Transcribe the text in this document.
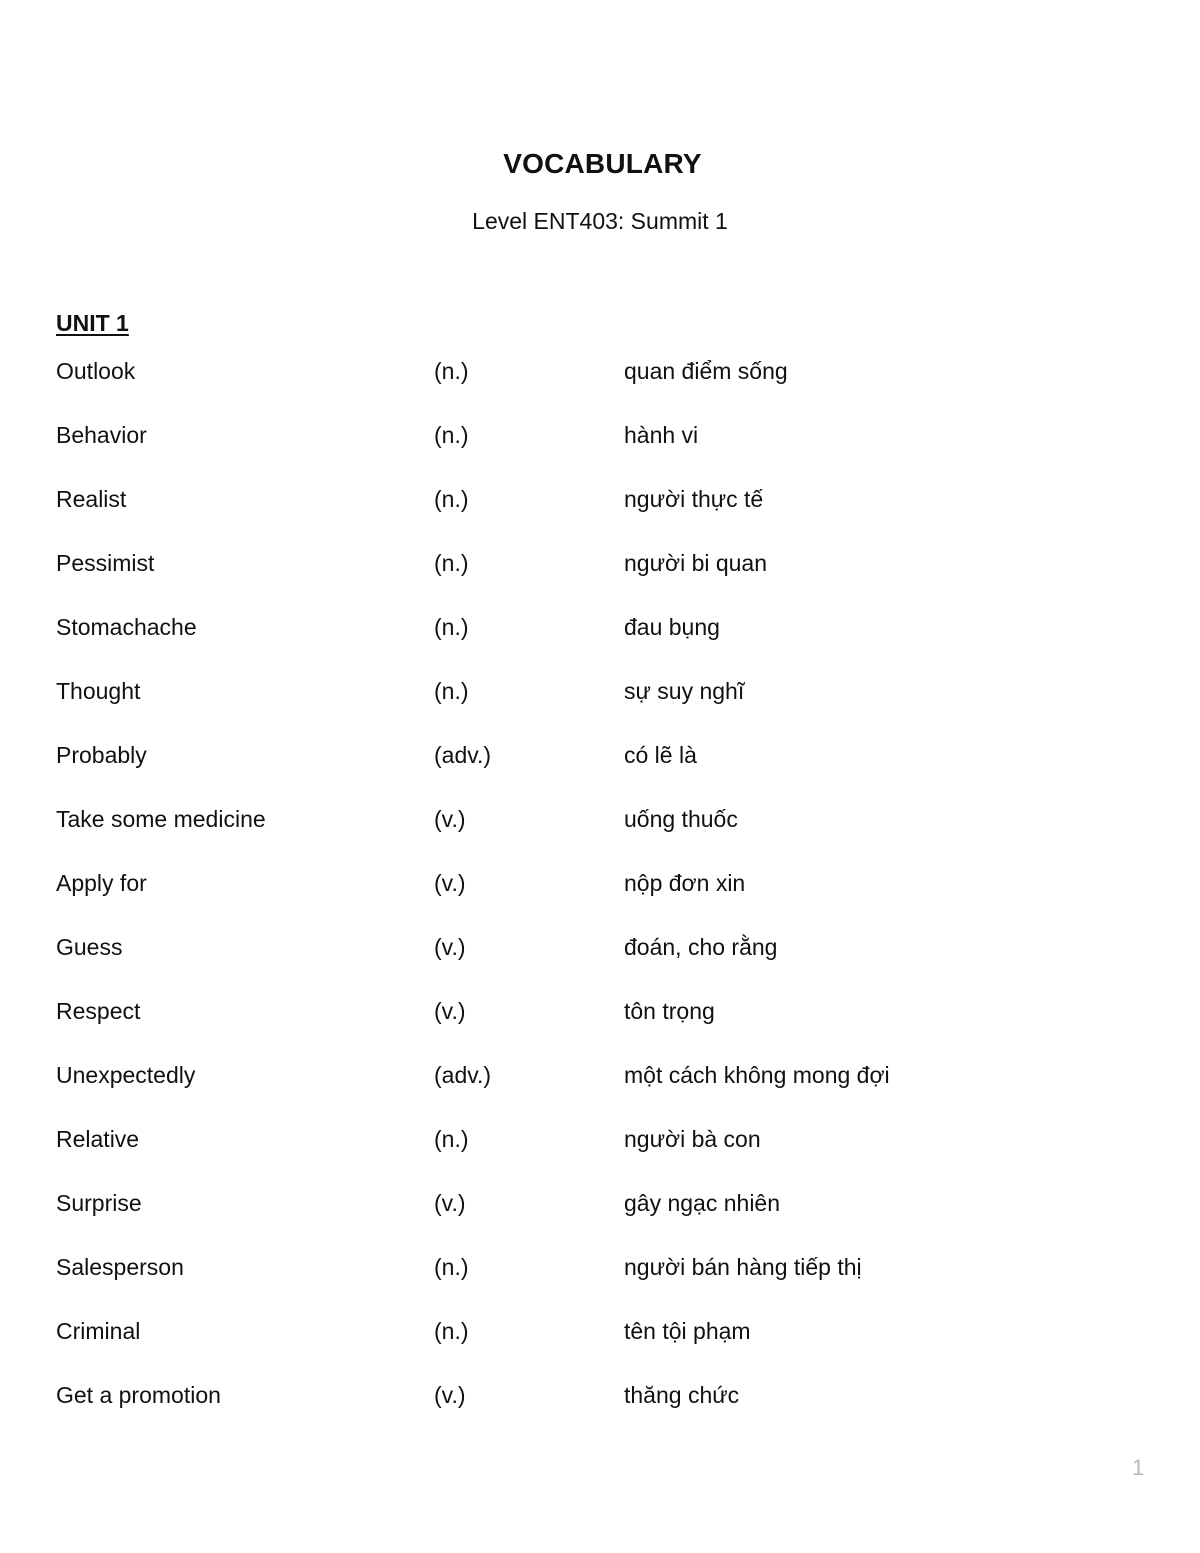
VOCABULARY
Level ENT403: Summit 1
UNIT 1
Outlook	(n.)	quan điểm sống
Behavior	(n.)	hành vi
Realist	(n.)	người thực tế
Pessimist	(n.)	người bi quan
Stomachache	(n.)	đau bụng
Thought	(n.)	sự suy nghĩ
Probably	(adv.)	có lẽ là
Take some medicine	(v.)	uống thuốc
Apply for	(v.)	nộp đơn xin
Guess	(v.)	đoán, cho rằng
Respect	(v.)	tôn trọng
Unexpectedly	(adv.)	một cách không mong đợi
Relative	(n.)	người bà con
Surprise	(v.)	gây ngạc nhiên
Salesperson	(n.)	người bán hàng tiếp thị
Criminal	(n.)	tên tội phạm
Get a promotion	(v.)	thăng chức
1
